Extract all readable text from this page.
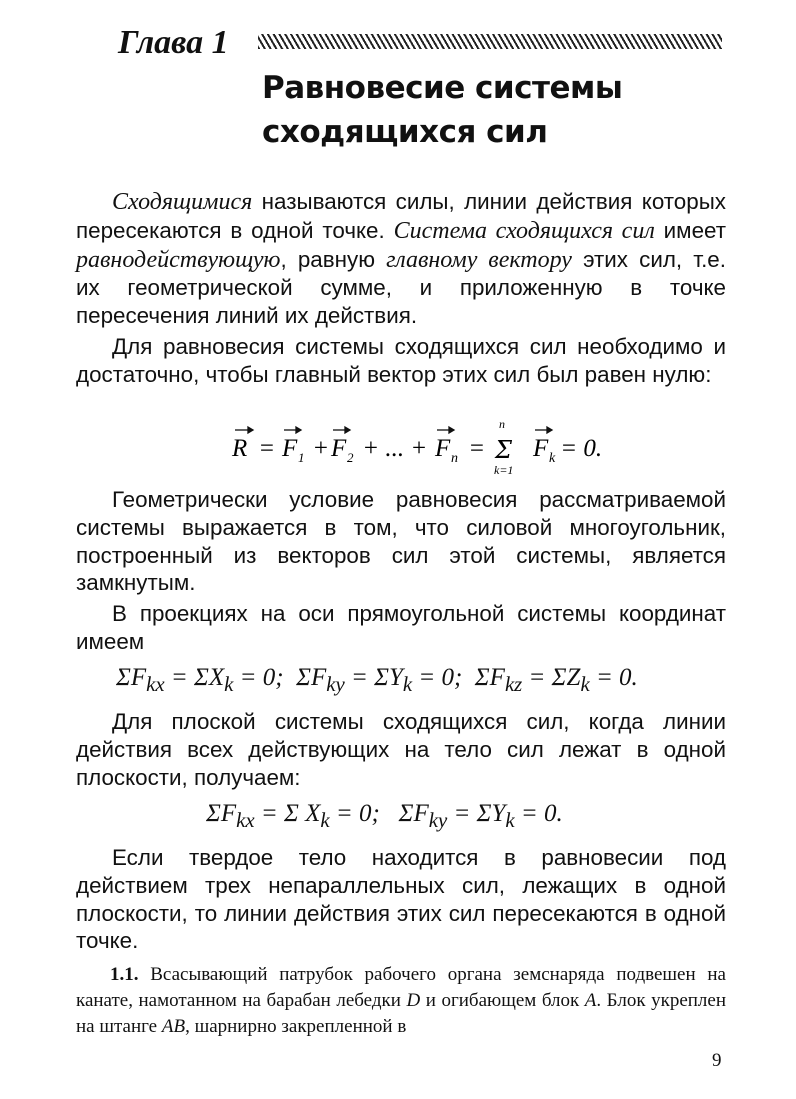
Глава 1
Равновесие системы
сходящихся сил

Сходящимися называются силы, линии действия которых пересекаются в одной точке. Система сходящихся сил имеет равнодействующую, равную главному вектору этих сил, т.е. их геометрической сумме, и приложенную в точке пересечения линий их действия.

Для равновесия системы сходящихся сил необходимо и достаточно, чтобы главный вектор этих сил был равен нулю:

R = F 1 +
F 2 + ... + F n =
n
Σ
k=1
F k
= 0.

Геометрически условие равновесия рассматриваемой системы выражается в том, что силовой многоугольник, построенный из векторов сил этой системы, является замкнутым.

В проекциях на оси прямоугольной системы координат имеем

$\Sigma F_{kx} = \Sigma X_k = 0$;  $\Sigma F_{ky} = \Sigma Y_k = 0$;  $\Sigma F_{kz} = \Sigma Z_k = 0$.

Для плоской системы сходящихся сил, когда линии действия всех действующих на тело сил лежат в одной плоскости, получаем:

$\Sigma F_{kx} = \Sigma$ $X_k = 0$;   $\Sigma F_{ky} = \Sigma Y_k = 0$.

Если твердое тело находится в равновесии под действием трех непараллельных сил, лежащих в одной плоскости, то линии действия этих сил пересекаются в одной точке.

1.1. Всасывающий патрубок рабочего органа земснаряда подвешен на канате, намотанном на барабан лебедки D и огибающем блок A. Блок укреплен на штанге AB, шарнирно закрепленной в
9
